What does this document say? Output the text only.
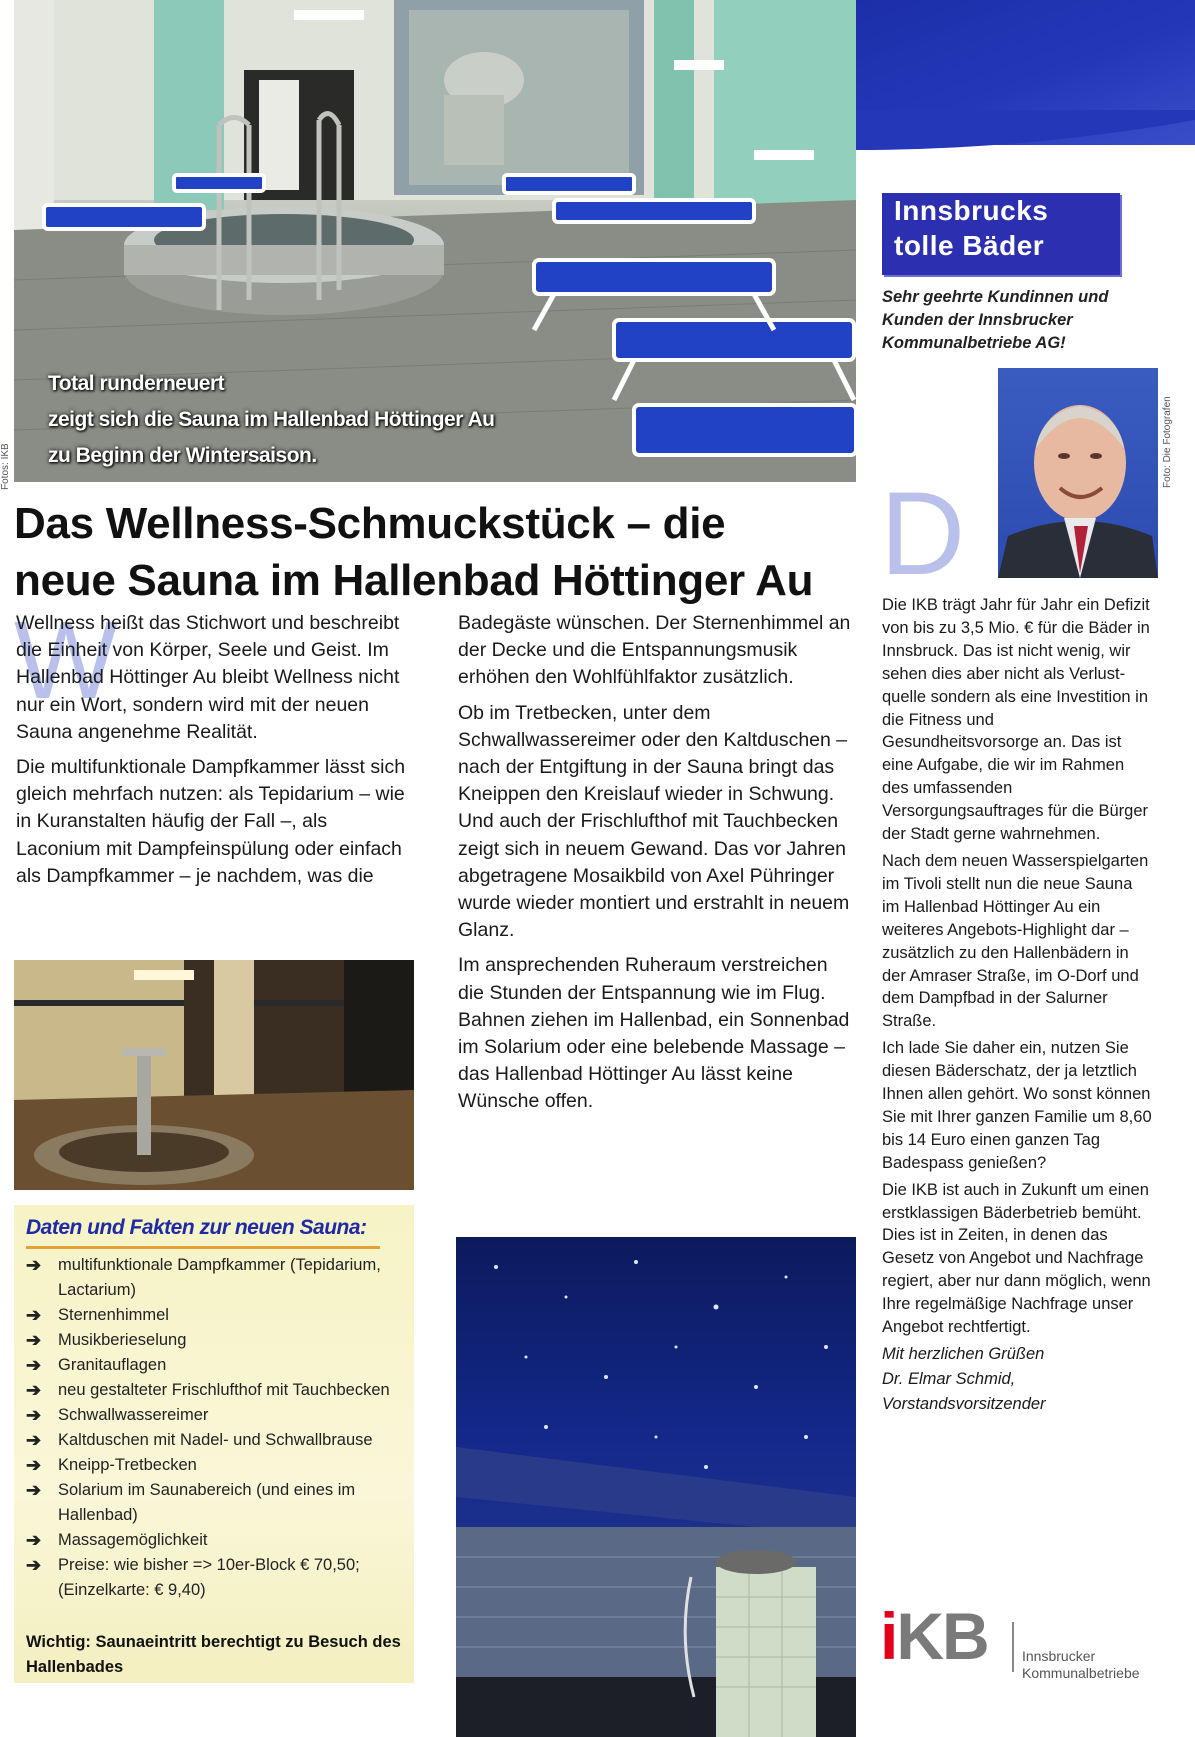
Total runderneuert
zeigt sich die Sauna im Hallenbad Höttinger Au
zu Beginn der Wintersaison.
Fotos: IKB
Innsbrucks
tolle Bäder
Sehr geehrte Kundinnen und Kunden der Innsbrucker Kommunalbetriebe AG!
Foto: Die Fotografen
D

Die IKB trägt Jahr für Jahr ein Defizit von bis zu 3,5 Mio. € für die Bäder in Innsbruck. Das ist nicht wenig, wir sehen dies aber nicht als Verlustquelle sondern als eine Investition in die Fitness und Gesundheitsvorsorge an. Das ist eine Aufgabe, die wir im Rahmen des umfassenden Versorgungsauftrages für die Bürger der Stadt gerne wahrnehmen.

Nach dem neuen Wasserspielgarten im Tivoli stellt nun die neue Sauna im Hallenbad Höttinger Au ein weiteres Angebots-Highlight dar – zusätzlich zu den Hallenbädern in der Amraser Straße, im O-Dorf und dem Dampfbad in der Salurner Straße.

Ich lade Sie daher ein, nutzen Sie diesen Bäderschatz, der ja letztlich Ihnen allen gehört. Wo sonst können Sie mit Ihrer ganzen Familie um 8,60 bis 14 Euro einen ganzen Tag Badespass genießen?

Die IKB ist auch in Zukunft um einen erstklassigen Bäderbetrieb bemüht. Dies ist in Zeiten, in denen das Gesetz von Angebot und Nachfrage regiert, aber nur dann möglich, wenn Ihre regelmäßige Nachfrage unser Angebot rechtfertigt.

Mit herzlichen Grüßen
Dr. Elmar Schmid,
Vorstandsvorsitzender
iKB Innsbrucker
Kommunalbetriebe
Das Wellness-Schmuckstück – die
neue Sauna im Hallenbad Höttinger Au
W

Wellness heißt das Stichwort und beschreibt die Einheit von Körper, Seele und Geist. Im Hallenbad Höttinger Au bleibt Wellness nicht nur ein Wort, sondern wird mit der neuen Sauna angenehme Realität.

Die multifunktionale Dampfkammer lässt sich gleich mehrfach nutzen: als Tepidarium – wie in Kuranstalten häufig der Fall –, als Laconium mit Dampfeinspülung oder einfach als Dampfkammer – je nachdem, was die

Badegäste wünschen. Der Sternenhimmel an der Decke und die Entspannungsmusik erhöhen den Wohlfühlfaktor zusätzlich.

Ob im Tretbecken, unter dem Schwallwassereimer oder den Kaltduschen – nach der Entgiftung in der Sauna bringt das Kneippen den Kreislauf wieder in Schwung. Und auch der Frischlufthof mit Tauchbecken zeigt sich in neuem Gewand. Das vor Jahren abgetragene Mosaikbild von Axel Pühringer wurde wieder montiert und erstrahlt in neuem Glanz.

Im ansprechenden Ruheraum verstreichen die Stunden der Entspannung wie im Flug. Bahnen ziehen im Hallenbad, ein Sonnenbad im Solarium oder eine belebende Massage – das Hallenbad Höttinger Au lässt keine Wünsche offen.

Daten und Fakten zur neuen Sauna:
➔ multifunktionale Dampfkammer (Tepidarium, Lactarium)
➔ Sternenhimmel
➔ Musikberieselung
➔ Granitauflagen
➔ neu gestalteter Frischlufthof mit Tauchbecken
➔ Schwallwassereimer
➔ Kaltduschen mit Nadel- und Schwallbrause
➔ Kneipp-Tretbecken
➔ Solarium im Saunabereich (und eines im Hallenbad)
➔ Massagemöglichkeit
➔ Preise: wie bisher => 10er-Block € 70,50; (Einzelkarte: € 9,40)
Wichtig: Saunaeintritt berechtigt zu Besuch des Hallenbades
